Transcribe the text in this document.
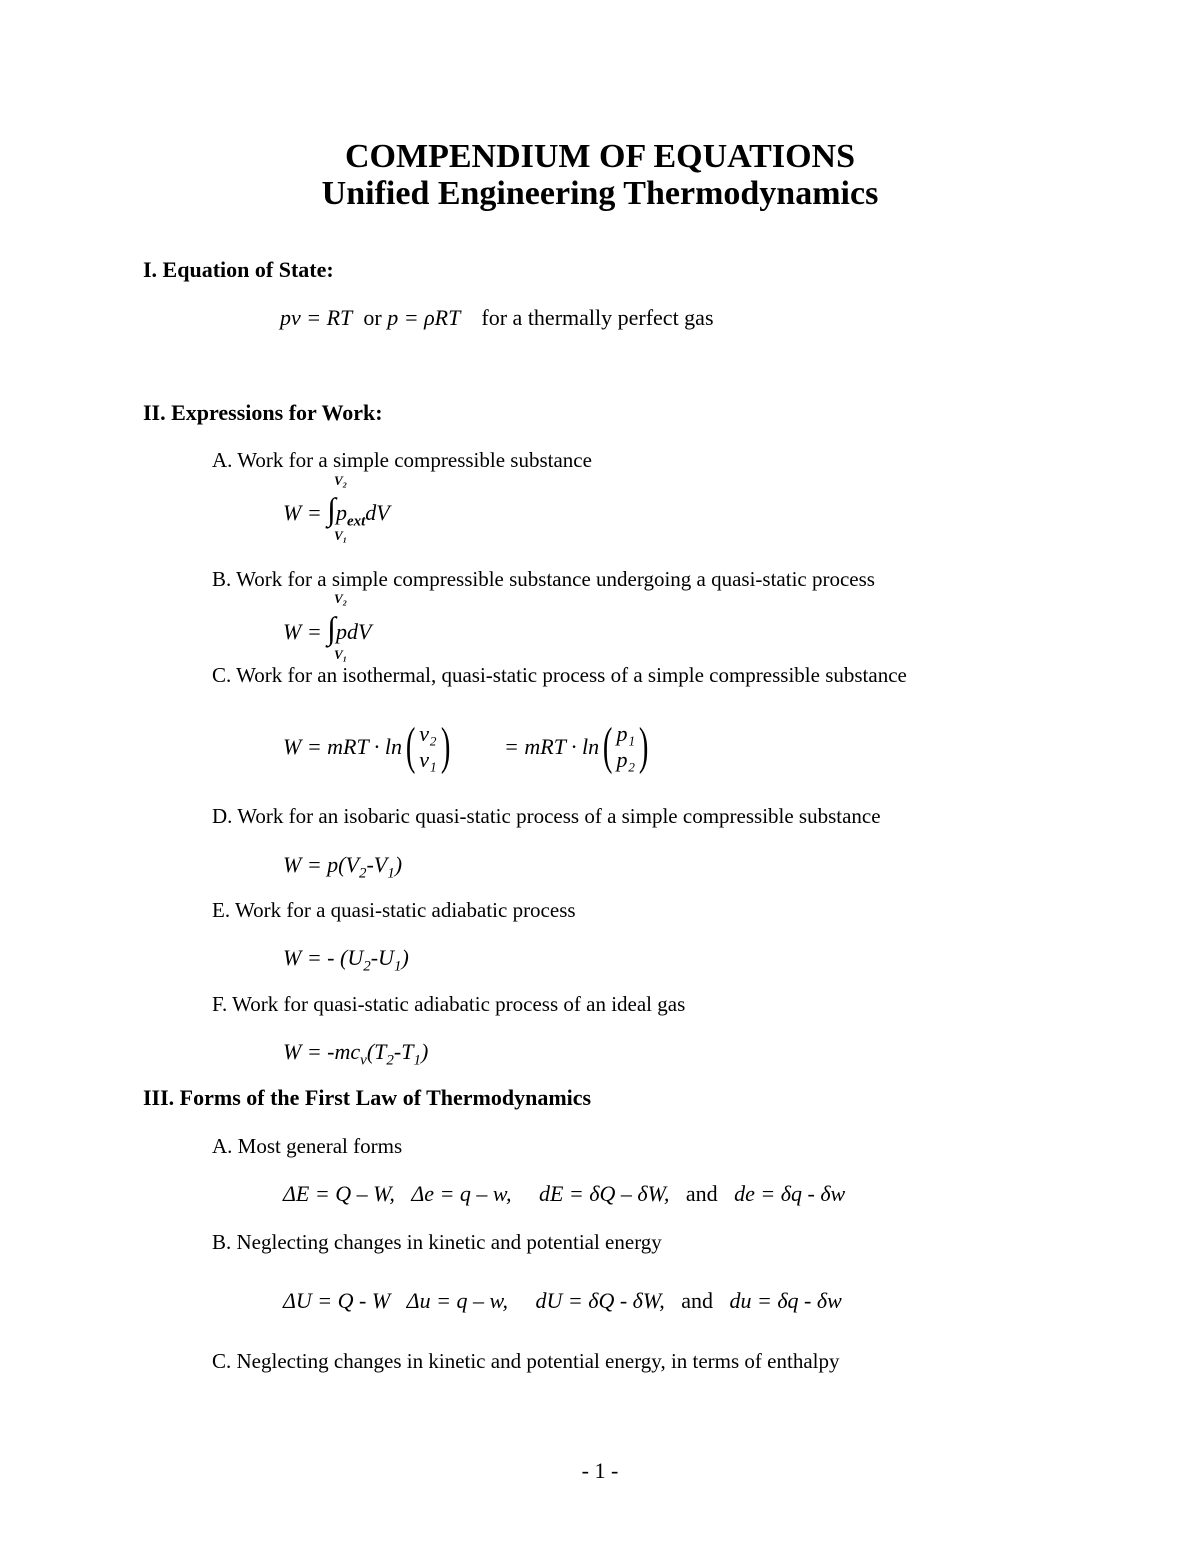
COMPENDIUM OF EQUATIONS
Unified Engineering Thermodynamics
I. Equation of State:
pv = RT or p = ρRT for a thermally perfect gas
II. Expressions for Work:
A. Work for a simple compressible substance
V₂
$W = \int p_{ext}dV$
V₁
B. Work for a simple compressible substance undergoing a quasi-static process
V₂
W = ∫pdV
V₁
C. Work for an isothermal, quasi-static process of a simple compressible substance
W = mRT · ln ( v₂
v₁ ) = mRT · ln ( p₁
p₂ )
D. Work for an isobaric quasi-static process of a simple compressible substance
$W = p(V_2-V_1)$
E. Work for a quasi-static adiabatic process
W = - $(U_2-U_1)$
F. Work for quasi-static adiabatic process of an ideal gas
$W = -mc_v(T_2-T_1)$
III. Forms of the First Law of Thermodynamics
A. Most general forms
ΔE = Q – W,   Δe = q – w,     dE = δQ – δW, and de = δq - δw
B. Neglecting changes in kinetic and potential energy
ΔU = Q - W   Δu = q – w,     dU = δQ - δW, and du = δq - δw
C. Neglecting changes in kinetic and potential energy, in terms of enthalpy
- 1 -
